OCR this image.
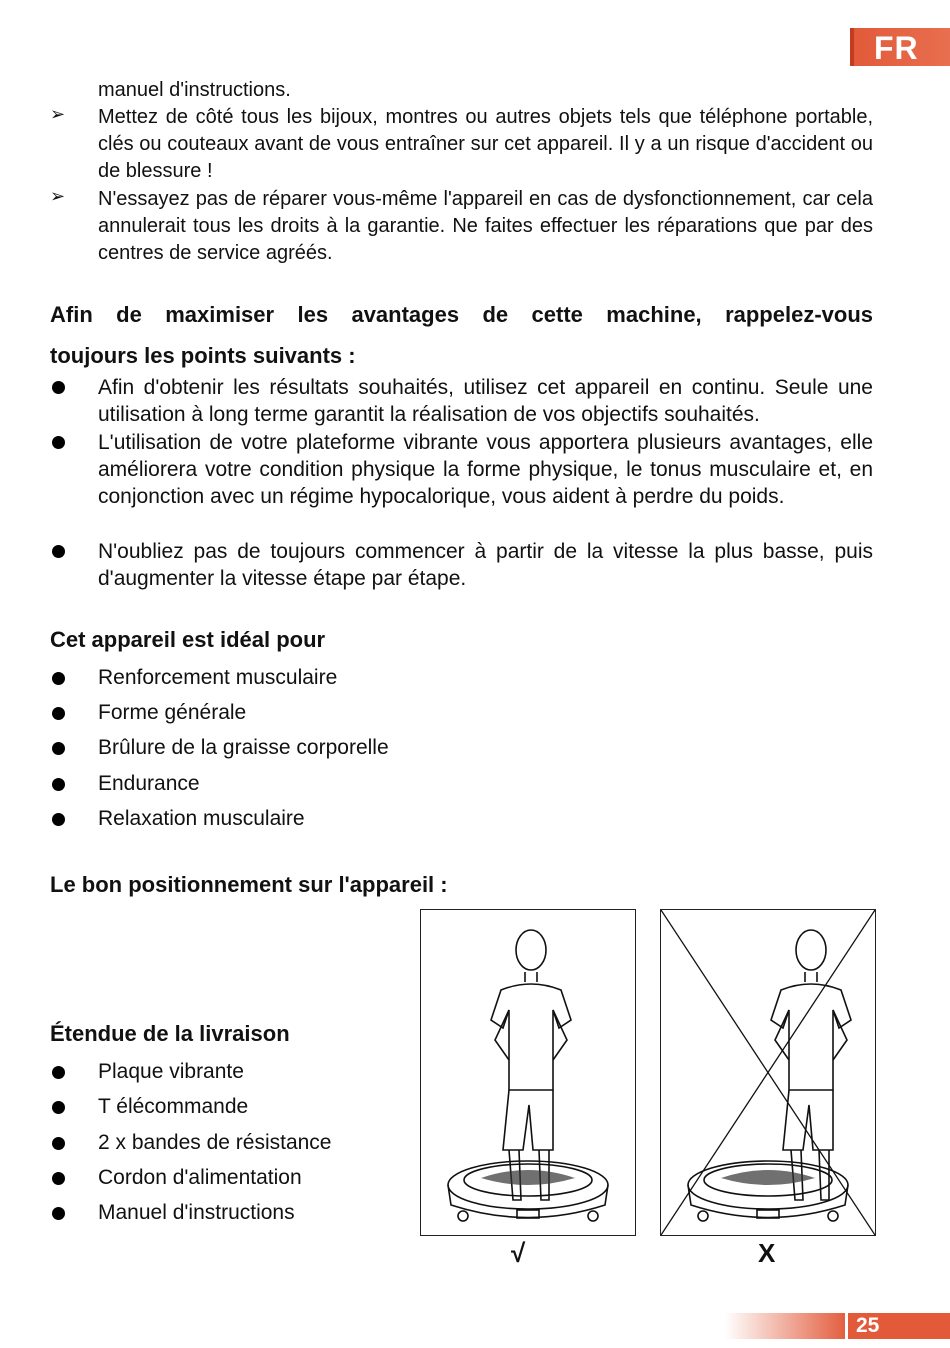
FR
manuel d'instructions.
➢ Mettez de côté tous les bijoux, montres ou autres objets tels que téléphone portable, clés ou couteaux avant de vous entraîner sur cet appareil. Il y a un risque d'accident ou de blessure !
➢ N'essayez pas de réparer vous-même l'appareil en cas de dysfonctionnement, car cela annulerait tous les droits à la garantie. Ne faites effectuer les réparations que par des centres de service agréés.
Afin de maximiser les avantages de cette machine, rappelez-vous
toujours les points suivants :
Afin d'obtenir les résultats souhaités, utilisez cet appareil en continu. Seule une utilisation à long terme garantit la réalisation de vos objectifs souhaités.
L'utilisation de votre plateforme vibrante vous apportera plusieurs avantages, elle améliorera votre condition physique la forme physique, le tonus musculaire et, en conjonction avec un régime hypocalorique, vous aident à perdre du poids.
N'oubliez pas de toujours commencer à partir de la vitesse la plus basse, puis d'augmenter la vitesse étape par étape.
Cet appareil est idéal pour
Renforcement musculaire
Forme générale
Brûlure de la graisse corporelle
Endurance
Relaxation musculaire
Le bon positionnement sur l'appareil :
√	X
Étendue de la livraison
Plaque vibrante
T élécommande
2 x bandes de résistance
Cordon d'alimentation
Manuel d'instructions
25
